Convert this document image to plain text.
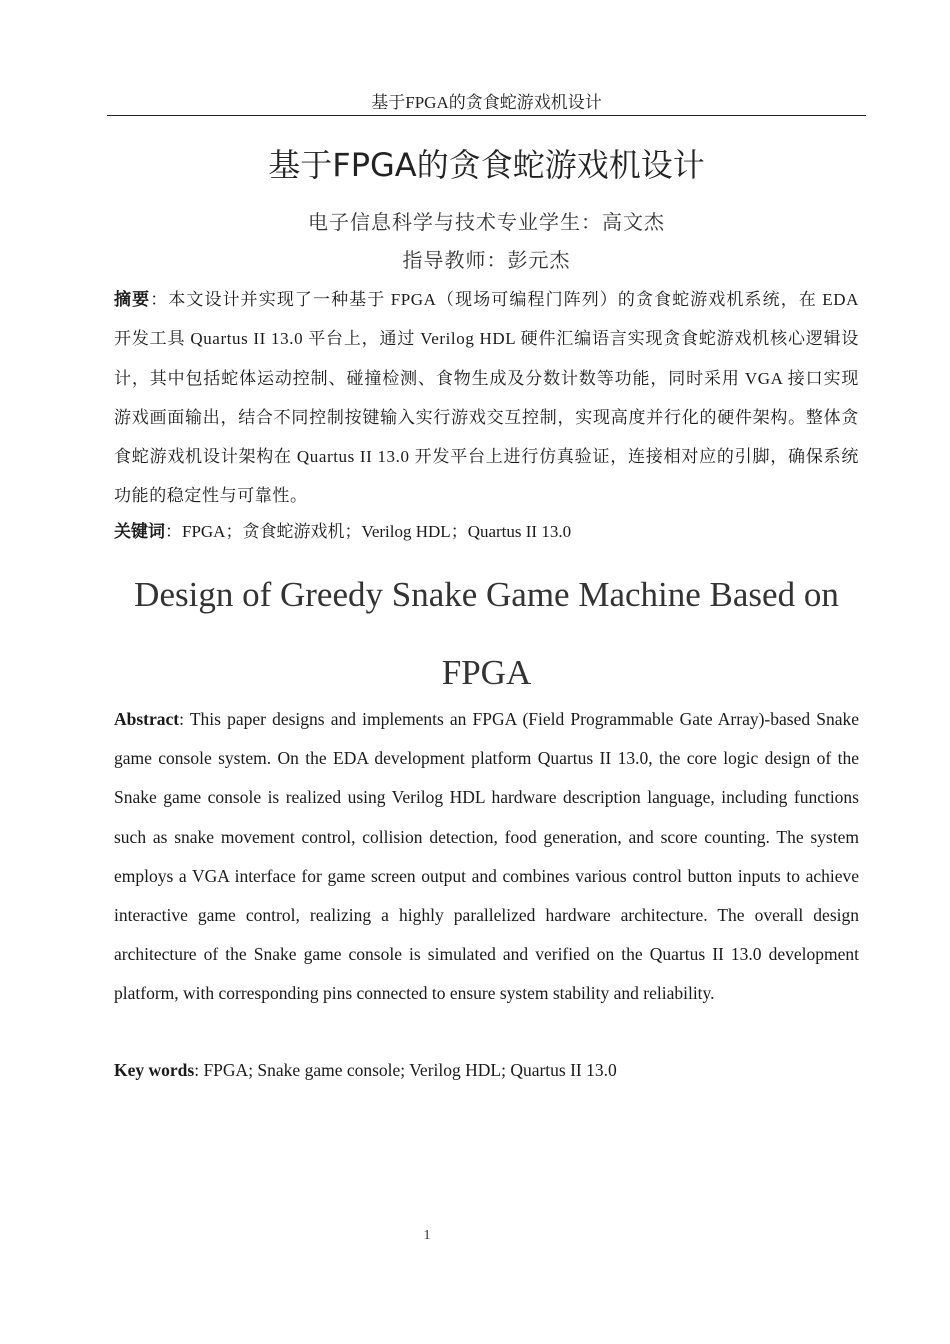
基于FPGA的贪食蛇游戏机设计
基于FPGA的贪食蛇游戏机设计
电子信息科学与技术专业学生：高文杰
指导教师：彭元杰
摘要：本文设计并实现了一种基于 FPGA（现场可编程门阵列）的贪食蛇游戏机系统，在 EDA 开发工具 Quartus II 13.0 平台上，通过 Verilog HDL 硬件汇编语言实现贪食蛇游戏机核心逻辑设计，其中包括蛇体运动控制、碰撞检测、食物生成及分数计数等功能，同时采用 VGA 接口实现游戏画面输出，结合不同控制按键输入实行游戏交互控制，实现高度并行化的硬件架构。整体贪食蛇游戏机设计架构在 Quartus II 13.0 开发平台上进行仿真验证，连接相对应的引脚，确保系统功能的稳定性与可靠性。
关键词：FPGA；贪食蛇游戏机；Verilog HDL；Quartus II 13.0
Design of Greedy Snake Game Machine Based on
FPGA
Abstract: This paper designs and implements an FPGA (Field Programmable Gate Array)-based Snake game console system. On the EDA development platform Quartus II 13.0, the core logic design of the Snake game console is realized using Verilog HDL hardware description language, including functions such as snake movement control, collision detection, food generation, and score counting. The system employs a VGA interface for game screen output and combines various control button inputs to achieve interactive game control, realizing a highly parallelized hardware architecture. The overall design architecture of the Snake game console is simulated and verified on the Quartus II 13.0 development platform, with corresponding pins connected to ensure system stability and reliability.
Key words: FPGA; Snake game console; Verilog HDL; Quartus II 13.0
1
